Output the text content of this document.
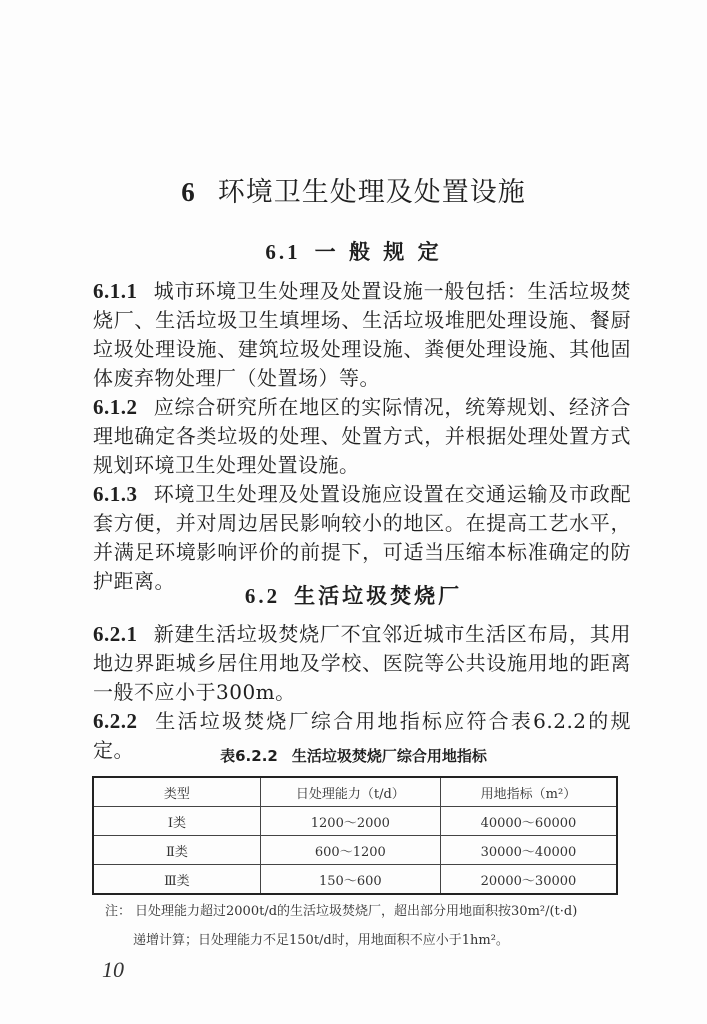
6 环境卫生处理及处置设施
6.1 一 般 规 定
6.1.1 城市环境卫生处理及处置设施一般包括：生活垃圾焚烧厂、生活垃圾卫生填埋场、生活垃圾堆肥处理设施、餐厨垃圾处理设施、建筑垃圾处理设施、粪便处理设施、其他固体废弃物处理厂（处置场）等。
6.1.2 应综合研究所在地区的实际情况，统筹规划、经济合理地确定各类垃圾的处理、处置方式，并根据处理处置方式规划环境卫生处理处置设施。
6.1.3 环境卫生处理及处置设施应设置在交通运输及市政配套方便，并对周边居民影响较小的地区。在提高工艺水平，并满足环境影响评价的前提下，可适当压缩本标准确定的防护距离。
6.2 生活垃圾焚烧厂
6.2.1 新建生活垃圾焚烧厂不宜邻近城市生活区布局，其用地边界距城乡居住用地及学校、医院等公共设施用地的距离一般不应小于300m。
6.2.2 生活垃圾焚烧厂综合用地指标应符合表6.2.2的规定。	表6.2.2 生活垃圾焚烧厂综合用地指标
类型	日处理能力（t/d）	用地指标（m²）
Ⅰ类	1200～2000	40000～60000
Ⅱ类	600～1200	30000～40000
Ⅲ类	150～600	20000～30000
注： 日处理能力超过2000t/d的生活垃圾焚烧厂，超出部分用地面积按30m²/(t·d)
递增计算；日处理能力不足150t/d时，用地面积不应小于1hm²。
10
